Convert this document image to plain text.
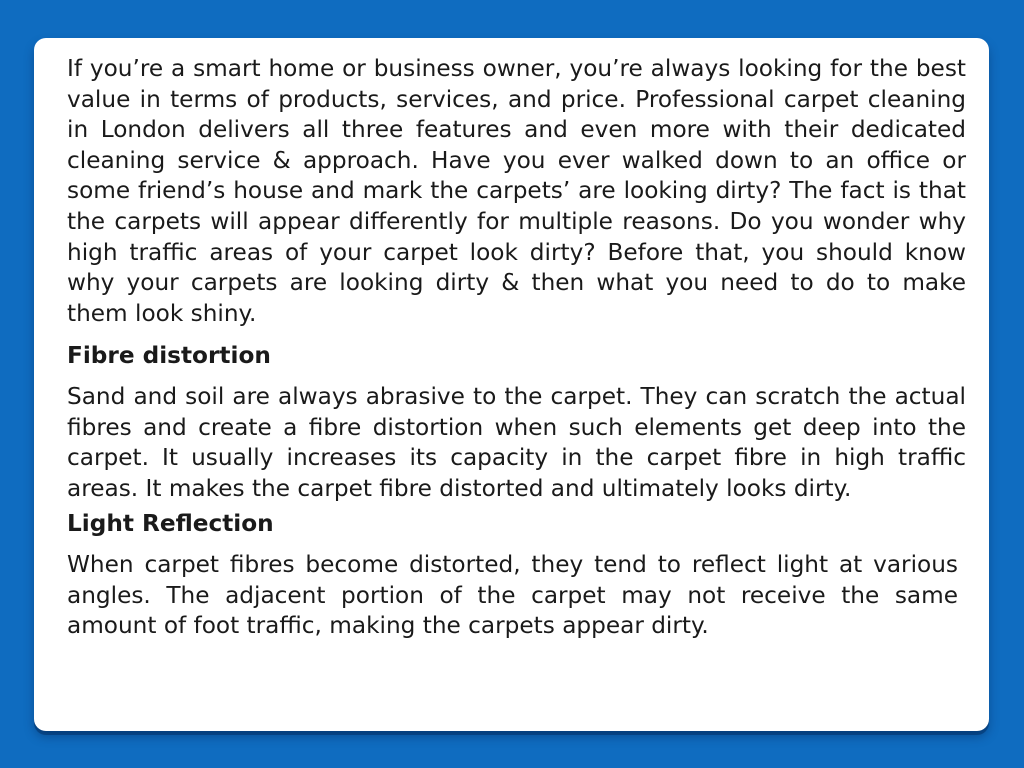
If you’re a smart home or business owner, you’re always looking for the best value in terms of products, services, and price. Professional carpet cleaning in London delivers all three features and even more with their dedicated cleaning service & approach. Have you ever walked down to an office or some friend’s house and mark the carpets’ are looking dirty? The fact is that the carpets will appear differently for multiple reasons. Do you wonder why high traffic areas of your carpet look dirty? Before that, you should know why your carpets are looking dirty & then what you need to do to make them look shiny.

Fibre distortion

Sand and soil are always abrasive to the carpet. They can scratch the actual fibres and create a fibre distortion when such elements get deep into the carpet. It usually increases its capacity in the carpet fibre in high traffic areas. It makes the carpet fibre distorted and ultimately looks dirty.

Light Reflection

When carpet fibres become distorted, they tend to reflect light at various angles. The adjacent portion of the carpet may not receive the same amount of foot traffic, making the carpets appear dirty.
